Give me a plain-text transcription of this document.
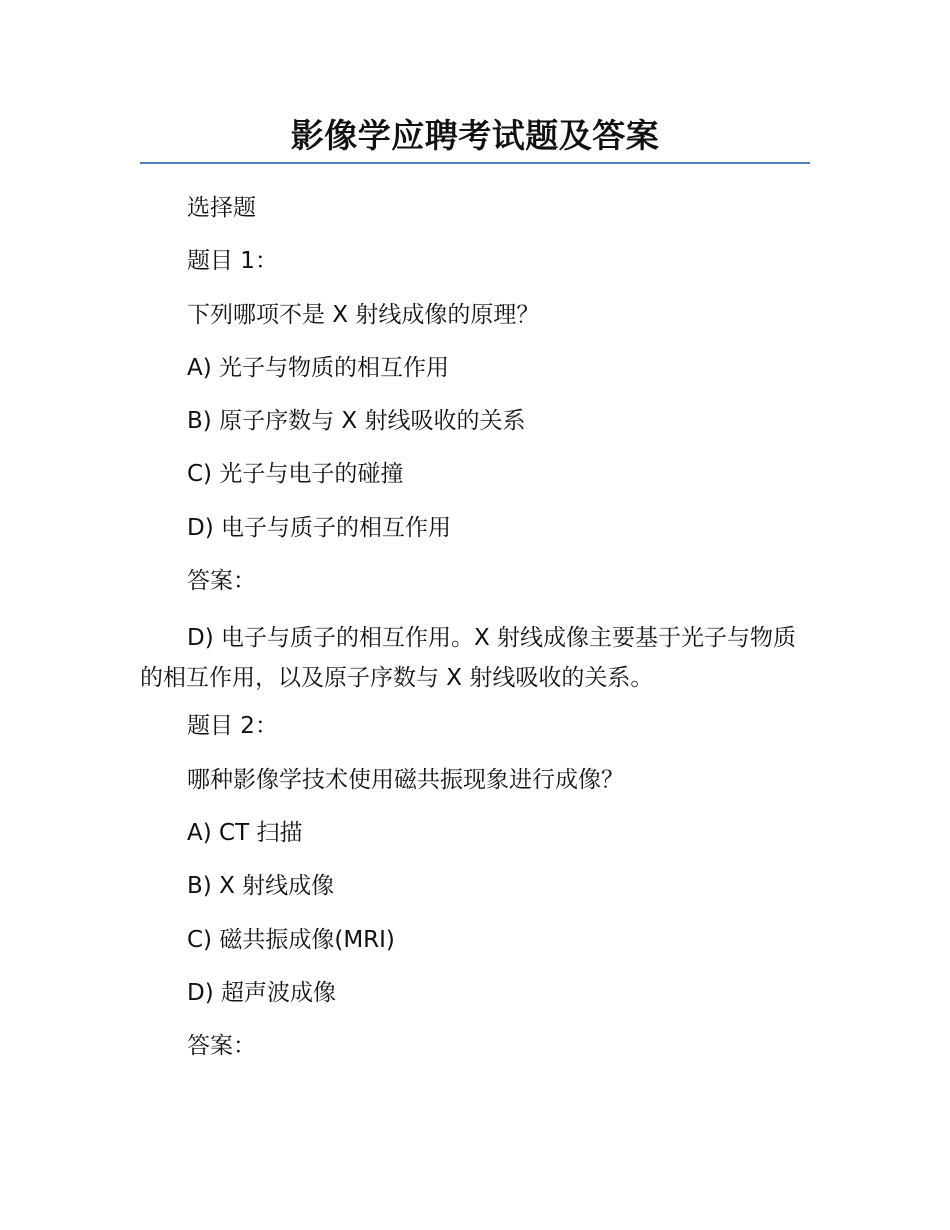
影像学应聘考试题及答案

选择题

题目 1：

下列哪项不是 X 射线成像的原理？

A) 光子与物质的相互作用

B) 原子序数与 X 射线吸收的关系

C) 光子与电子的碰撞

D) 电子与质子的相互作用

答案：

D) 电子与质子的相互作用。X 射线成像主要基于光子与物质的相互作用，以及原子序数与 X 射线吸收的关系。

题目 2：

哪种影像学技术使用磁共振现象进行成像？

A) CT 扫描

B) X 射线成像

C) 磁共振成像(MRI)

D) 超声波成像

答案：
